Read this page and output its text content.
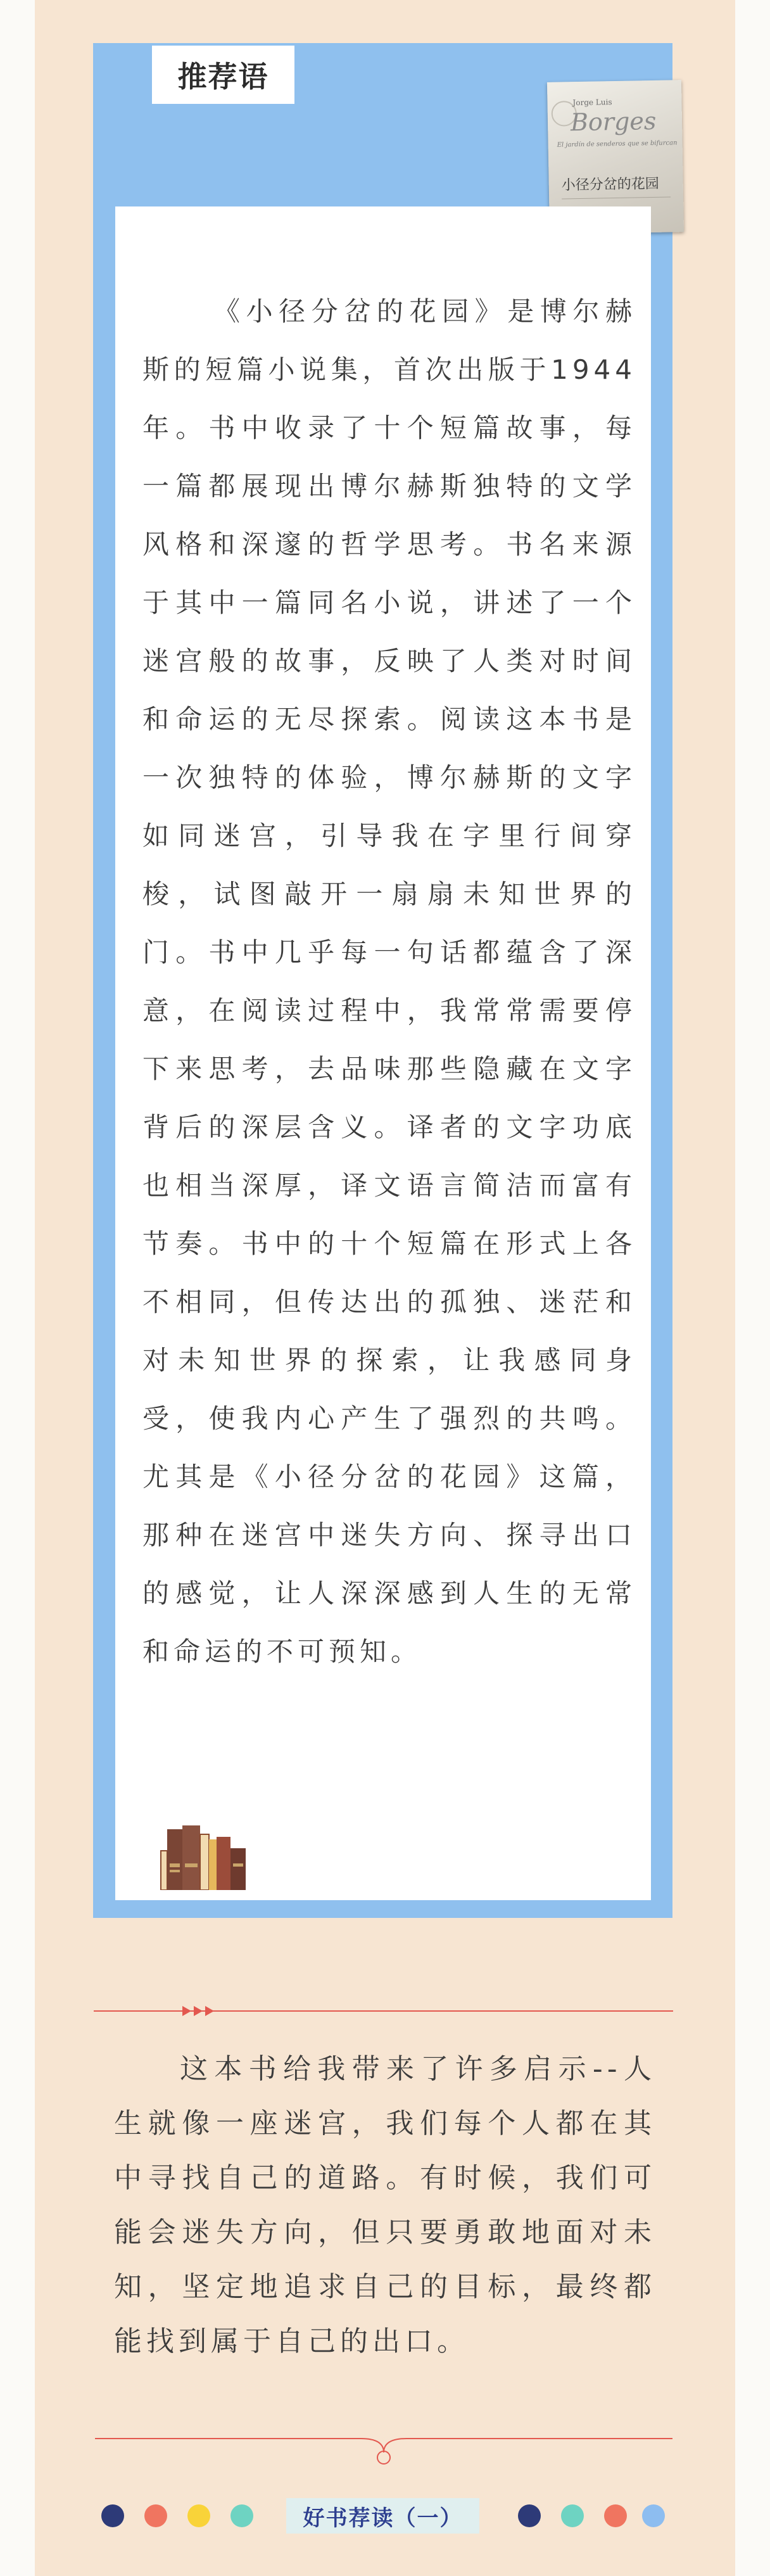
推荐语
Jorge Luis
Borges
El jardín de senderos que se bifurcan
小径分岔的花园

《小径分岔的花园》是博尔赫斯的短篇小说集，首次出版于1944年。书中收录了十个短篇故事，每一篇都展现出博尔赫斯独特的文学风格和深邃的哲学思考。书名来源于其中一篇同名小说，讲述了一个迷宫般的故事，反映了人类对时间和命运的无尽探索。阅读这本书是一次独特的体验，博尔赫斯的文字如同迷宫，引导我在字里行间穿梭，试图敲开一扇扇未知世界的门。书中几乎每一句话都蕴含了深意，在阅读过程中，我常常需要停下来思考，去品味那些隐藏在文字背后的深层含义。译者的文字功底也相当深厚，译文语言简洁而富有节奏。书中的十个短篇在形式上各不相同，但传达出的孤独、迷茫和对未知世界的探索，让我感同身受，使我内心产生了强烈的共鸣。尤其是《小径分岔的花园》这篇，那种在迷宫中迷失方向、探寻出口的感觉，让人深深感到人生的无常和命运的不可预知。

这本书给我带来了许多启示--人生就像一座迷宫，我们每个人都在其中寻找自己的道路。有时候，我们可能会迷失方向，但只要勇敢地面对未知，坚定地追求自己的目标，最终都能找到属于自己的出口。

好书荐读（一）
